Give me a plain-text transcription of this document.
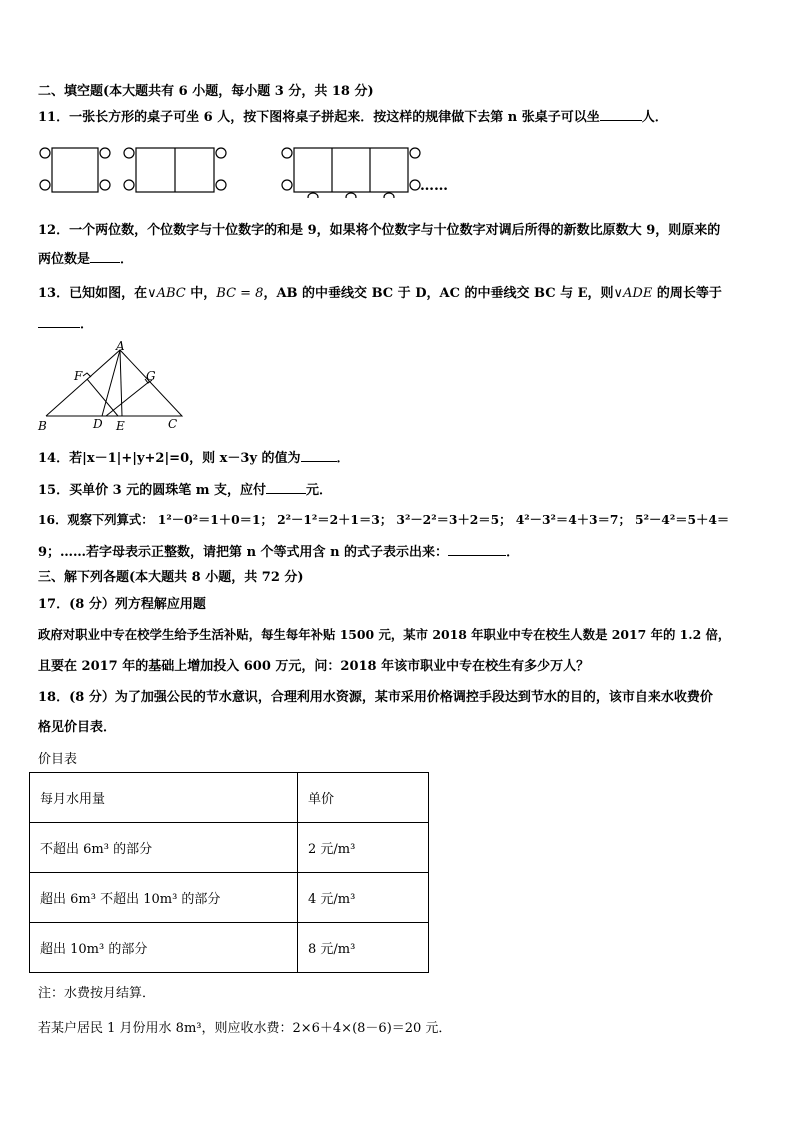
二、填空题(本大题共有 6 小题，每小题 3 分，共 18 分)
11．一张长方形的桌子可坐 6 人，按下图将桌子拼起来．按这样的规律做下去第 n 张桌子可以坐	人．
……
12．一个两位数，个位数字与十位数字的和是 9，如果将个位数字与十位数字对调后所得的新数比原数大 9，则原来的
两位数是 ．
13．已知如图，在∨ABC 中，BC = 8，AB 的中垂线交 BC 于 D，AC 的中垂线交 BC 与 E，则∨ADE 的周长等于
．
A
B	C
D E
F	G
14．若|x－1|+|y+2|=0，则 x－3y 的值为	．
15．买单价 3 元的圆珠笔 m 支，应付	元．
16．观察下列算式： 1²－0²＝1＋0＝1； 2²－1²＝2＋1＝3； 3²－2²＝3＋2＝5； 4²－3²＝4＋3＝7； 5²－4²＝5＋4＝
9；……若字母表示正整数，请把第 n 个等式用含 n 的式子表示出来：	．
三、解下列各题(本大题共 8 小题，共 72 分)
17．(8 分）列方程解应用题
政府对职业中专在校学生给予生活补贴，每生每年补贴 1500 元，某市 2018 年职业中专在校生人数是 2017 年的 1.2 倍，
且要在 2017 年的基础上增加投入 600 万元，问：2018 年该市职业中专在校生有多少万人？
18．(8 分）为了加强公民的节水意识，合理利用水资源，某市采用价格调控手段达到节水的目的，该市自来水收费价
格见价目表．
价目表
每月水用量	单价
不超出 6m³ 的部分	2 元/m³
超出 6m³ 不超出 10m³ 的部分	4 元/m³
超出 10m³ 的部分	8 元/m³
注：水费按月结算．
若某户居民 1 月份用水 8m³，则应收水费：2×6＋4×(8－6)＝20 元．
